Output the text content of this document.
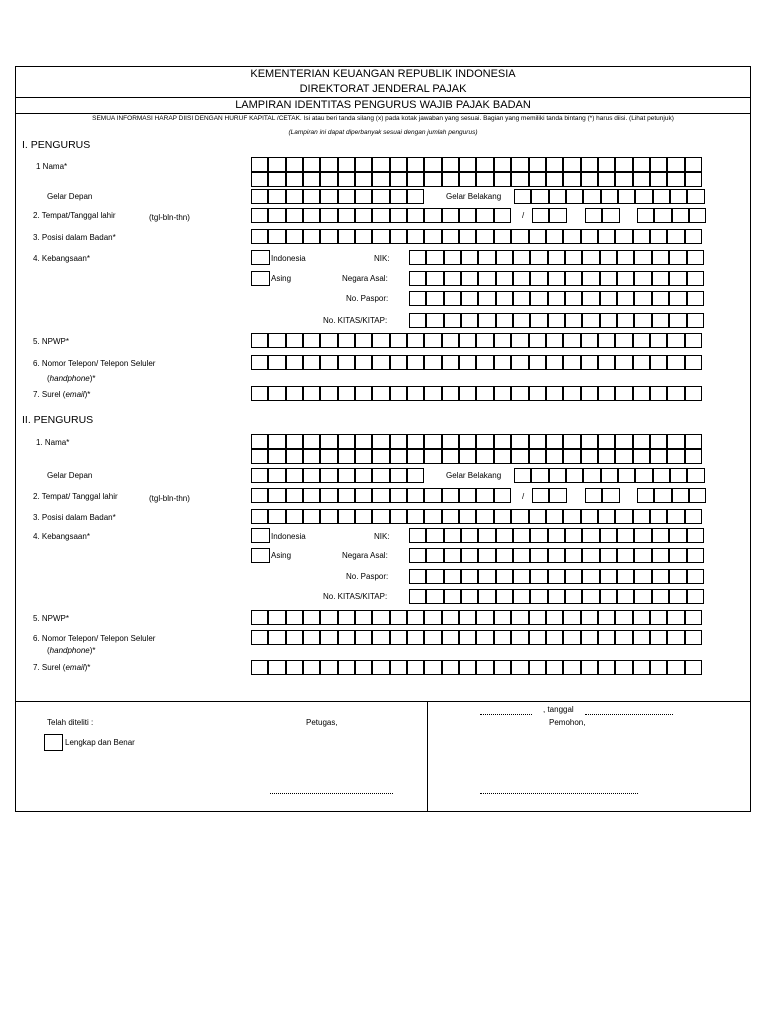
KEMENTERIAN KEUANGAN REPUBLIK INDONESIA
DIREKTORAT JENDERAL PAJAK
LAMPIRAN IDENTITAS PENGURUS WAJIB PAJAK BADAN
SEMUA INFORMASI HARAP DIISI DENGAN HURUF KAPITAL /CETAK. Isi atau beri tanda silang (x) pada kotak jawaban yang sesuai. Bagian yang memiliki tanda bintang (*) harus diisi. (Lihat petunjuk)
(Lampiran ini dapat diperbanyak sesuai dengan jumlah pengurus)
I. PENGURUS
1 Nama*
Gelar Depan	Gelar Belakang
2. Tempat/Tanggal lahir	(tgl-bln-thn)	/
3. Posisi dalam Badan*
4. Kebangsaan*	Indonesia	NIK:
Asing	Negara Asal:
No. Paspor:
No. KITAS/KITAP:
5. NPWP*
6. Nomor Telepon/ Telepon Seluler
(handphone)*
7. Surel (email)*
II. PENGURUS
1. Nama*
Gelar Depan	Gelar Belakang
2. Tempat/ Tanggal lahir	(tgl-bln-thn)	/
3. Posisi dalam Badan*
4. Kebangsaan*	Indonesia	NIK:
Asing	Negara Asal:
No. Paspor:
No. KITAS/KITAP:
5. NPWP*
6. Nomor Telepon/ Telepon Seluler
(handphone)*
7. Surel (email)*
Telah diteliti :	Petugas,
Lengkap dan Benar
, tanggal
Pemohon,
